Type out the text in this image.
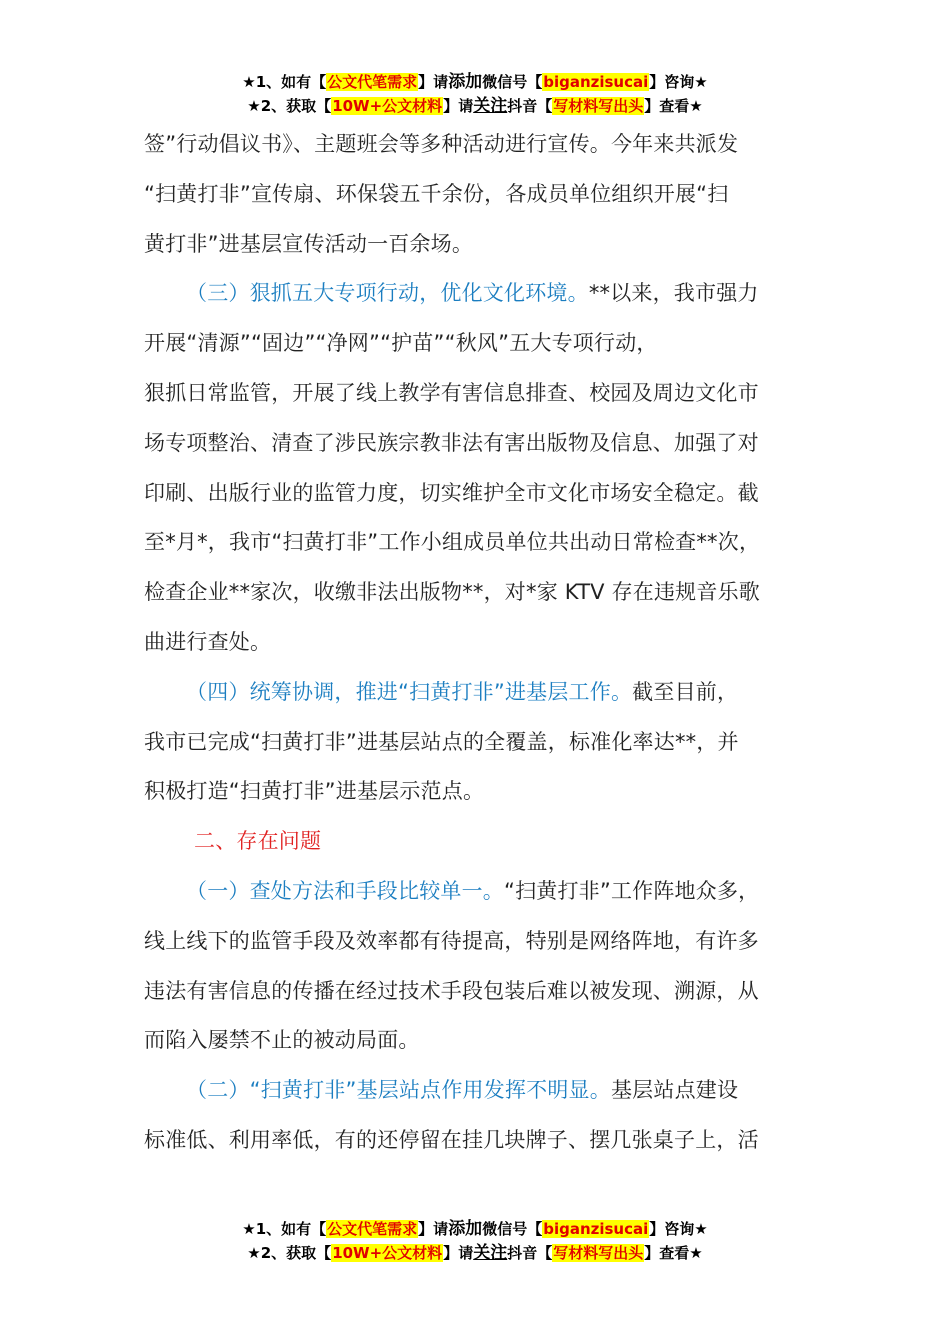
★1、如有【公文代笔需求】请添加微信号【biganzisucai】咨询★
★2、获取【10W+公文材料】请关注抖音【写材料写出头】查看★

签”行动倡议书》、主题班会等多种活动进行宣传。今年来共派发
“扫黄打非”宣传扇、环保袋五千余份，各成员单位组织开展“扫
黄打非”进基层宣传活动一百余场。

（三）狠抓五大专项行动，优化文化环境。**以来，我市强力
开展“清源”“固边”“净网”“护苗”“秋风”五大专项行动，
狠抓日常监管，开展了线上教学有害信息排查、校园及周边文化市
场专项整治、清查了涉民族宗教非法有害出版物及信息、加强了对
印刷、出版行业的监管力度，切实维护全市文化市场安全稳定。截
至*月*，我市“扫黄打非”工作小组成员单位共出动日常检查**次，
检查企业**家次，收缴非法出版物**，对*家 KTV 存在违规音乐歌
曲进行查处。

（四）统筹协调，推进“扫黄打非”进基层工作。截至目前，
我市已完成“扫黄打非”进基层站点的全覆盖，标准化率达**，并
积极打造“扫黄打非”进基层示范点。

二、存在问题

（一）查处方法和手段比较单一。“扫黄打非”工作阵地众多，
线上线下的监管手段及效率都有待提高，特别是网络阵地，有许多
违法有害信息的传播在经过技术手段包装后难以被发现、溯源，从
而陷入屡禁不止的被动局面。

（二）“扫黄打非”基层站点作用发挥不明显。基层站点建设
标准低、利用率低，有的还停留在挂几块牌子、摆几张桌子上，活

★1、如有【公文代笔需求】请添加微信号【biganzisucai】咨询★
★2、获取【10W+公文材料】请关注抖音【写材料写出头】查看★
